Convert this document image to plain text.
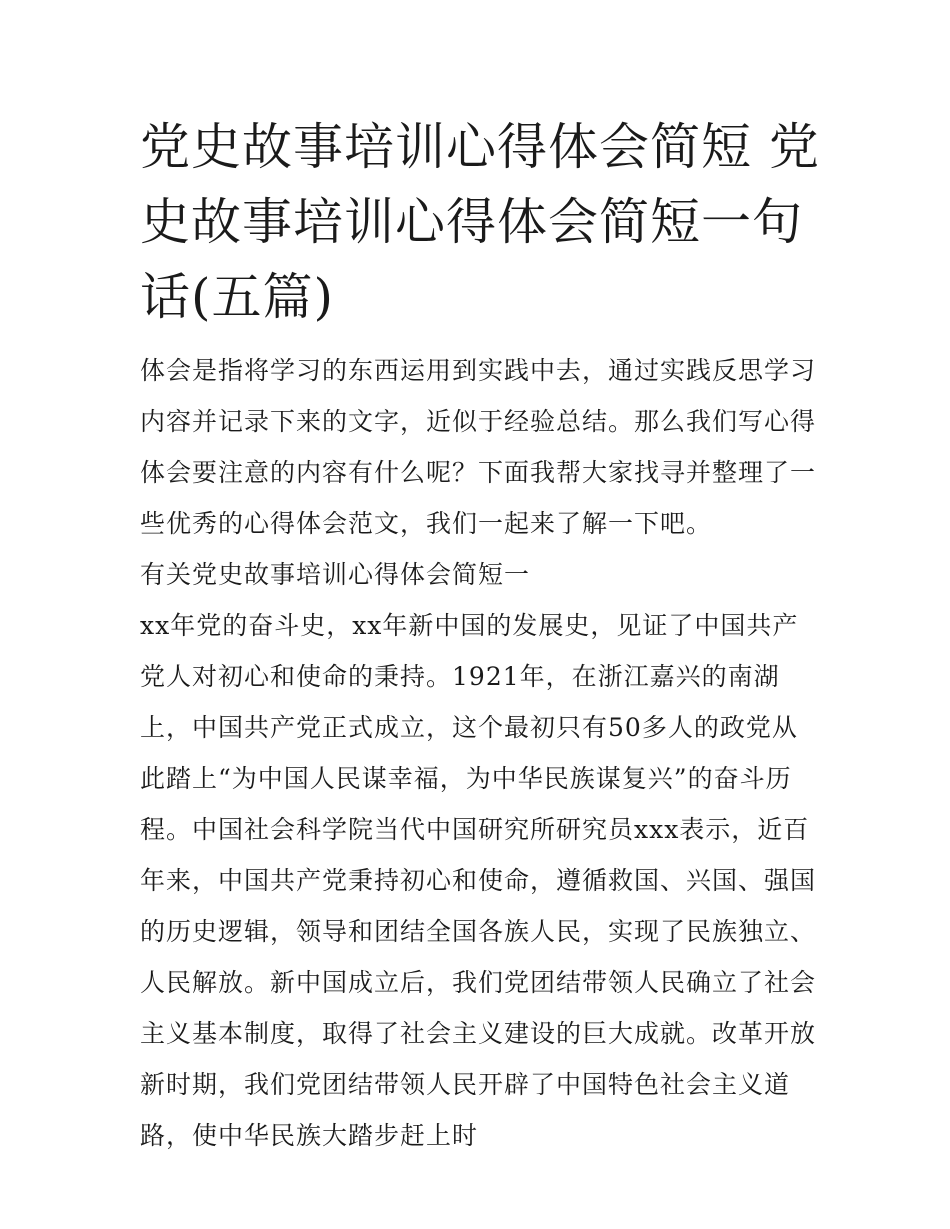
党史故事培训心得体会简短 党史故事培训心得体会简短一句话(五篇)

体会是指将学习的东西运用到实践中去，通过实践反思学习内容并记录下来的文字，近似于经验总结。那么我们写心得体会要注意的内容有什么呢？下面我帮大家找寻并整理了一些优秀的心得体会范文，我们一起来了解一下吧。

有关党史故事培训心得体会简短一

xx年党的奋斗史，xx年新中国的发展史，见证了中国共产党人对初心和使命的秉持。1921年，在浙江嘉兴的南湖上，中国共产党正式成立，这个最初只有50多人的政党从此踏上“为中国人民谋幸福，为中华民族谋复兴”的奋斗历程。中国社会科学院当代中国研究所研究员xxx表示，近百年来，中国共产党秉持初心和使命，遵循救国、兴国、强国的历史逻辑，领导和团结全国各族人民，实现了民族独立、人民解放。新中国成立后，我们党团结带领人民确立了社会主义基本制度，取得了社会主义建设的巨大成就。改革开放新时期，我们党团结带领人民开辟了中国特色社会主义道路，使中华民族大踏步赶上时
